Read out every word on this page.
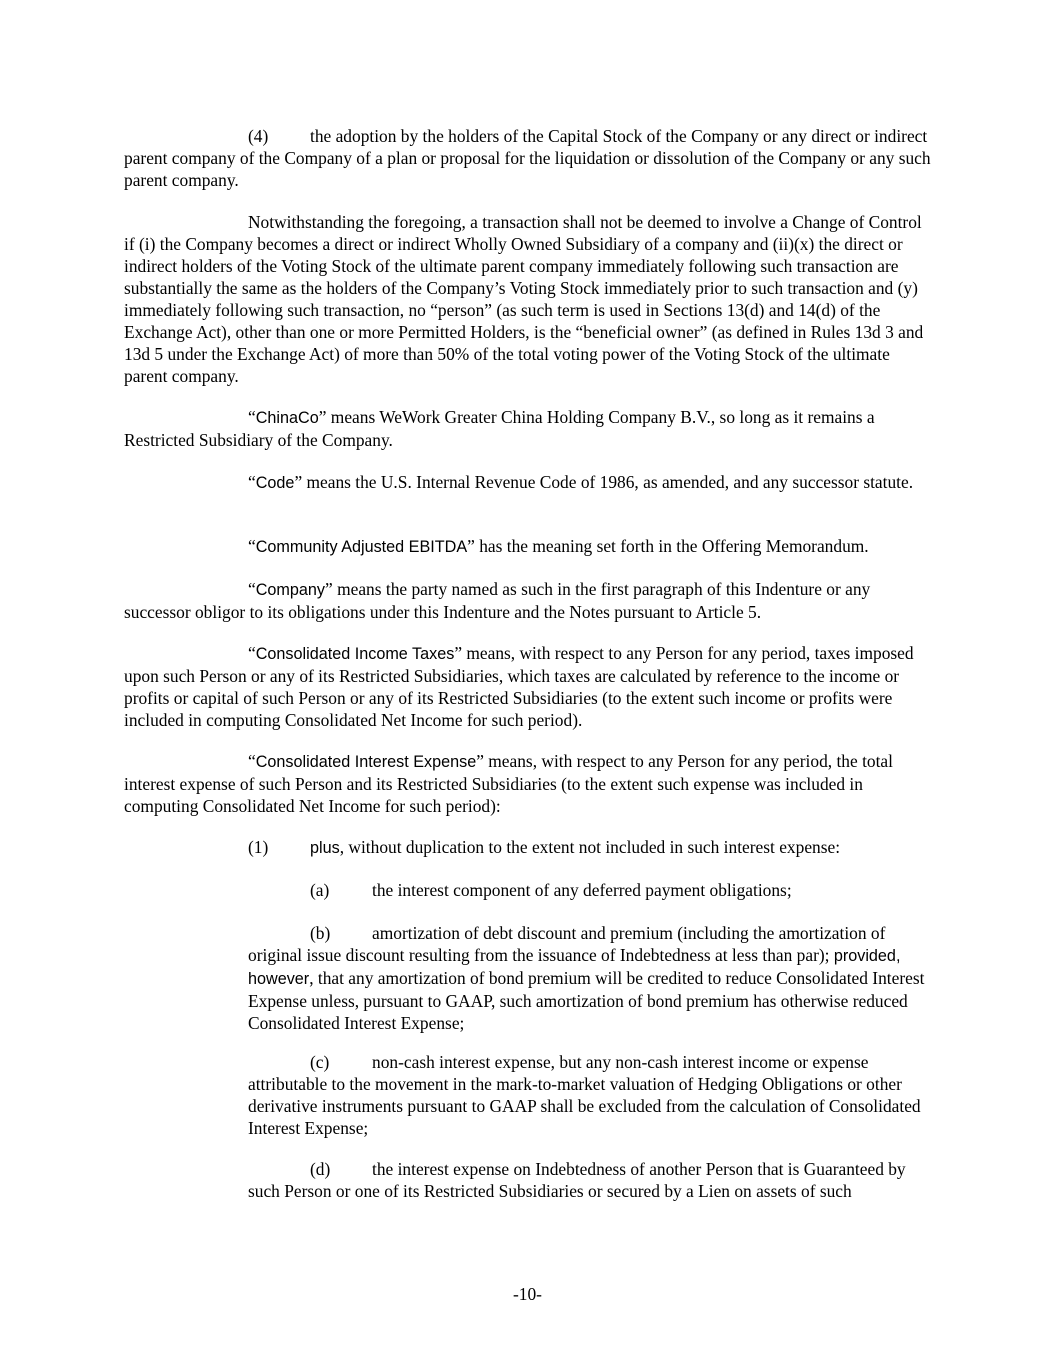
(4) the adoption by the holders of the Capital Stock of the Company or any direct or indirect parent company of the Company of a plan or proposal for the liquidation or dissolution of the Company or any such parent company.

Notwithstanding the foregoing, a transaction shall not be deemed to involve a Change of Control if (i) the Company becomes a direct or indirect Wholly Owned Subsidiary of a company and (ii)(x) the direct or indirect holders of the Voting Stock of the ultimate parent company immediately following such transaction are substantially the same as the holders of the Company’s Voting Stock immediately prior to such transaction and (y) immediately following such transaction, no “person” (as such term is used in Sections 13(d) and 14(d) of the Exchange Act), other than one or more Permitted Holders, is the “beneficial owner” (as defined in Rules 13d 3 and 13d 5 under the Exchange Act) of more than 50% of the total voting power of the Voting Stock of the ultimate parent company.

“ChinaCo” means WeWork Greater China Holding Company B.V., so long as it remains a Restricted Subsidiary of the Company.

“Code” means the U.S. Internal Revenue Code of 1986, as amended, and any successor statute.

“Community Adjusted EBITDA” has the meaning set forth in the Offering Memorandum.

“Company” means the party named as such in the first paragraph of this Indenture or any successor obligor to its obligations under this Indenture and the Notes pursuant to Article 5.

“Consolidated Income Taxes” means, with respect to any Person for any period, taxes imposed upon such Person or any of its Restricted Subsidiaries, which taxes are calculated by reference to the income or profits or capital of such Person or any of its Restricted Subsidiaries (to the extent such income or profits were included in computing Consolidated Net Income for such period).

“Consolidated Interest Expense” means, with respect to any Person for any period, the total interest expense of such Person and its Restricted Subsidiaries (to the extent such expense was included in computing Consolidated Net Income for such period):

(1)	plus, without duplication to the extent not included in such interest expense:

(a) the interest component of any deferred payment obligations;

(b) amortization of debt discount and premium (including the amortization of original issue discount resulting from the issuance of Indebtedness at less than par); provided, however, that any amortization of bond premium will be credited to reduce Consolidated Interest Expense unless, pursuant to GAAP, such amortization of bond premium has otherwise reduced Consolidated Interest Expense;

(c) non-cash interest expense, but any non-cash interest income or expense attributable to the movement in the mark-to-market valuation of Hedging Obligations or other derivative instruments pursuant to GAAP shall be excluded from the calculation of Consolidated Interest Expense;

(d) the interest expense on Indebtedness of another Person that is Guaranteed by such Person or one of its Restricted Subsidiaries or secured by a Lien on assets of such

-10-
